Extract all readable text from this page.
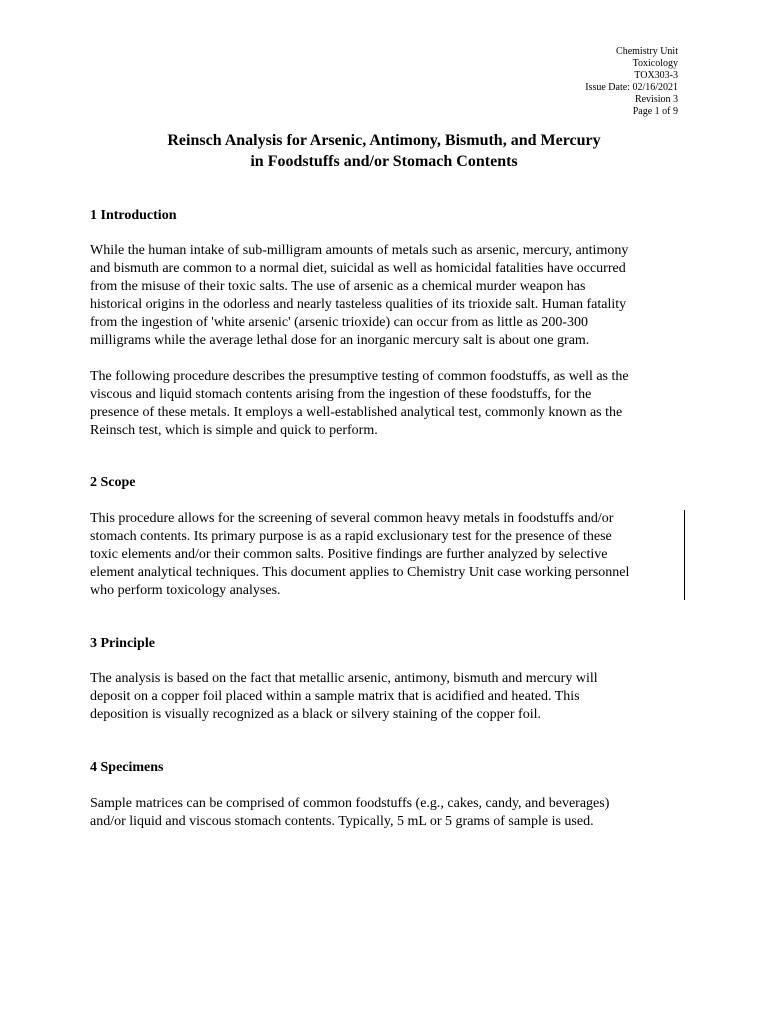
Chemistry Unit
Toxicology
TOX303-3
Issue Date: 02/16/2021
Revision 3
Page 1 of 9
Reinsch Analysis for Arsenic, Antimony, Bismuth, and Mercury
in Foodstuffs and/or Stomach Contents
1 Introduction
While the human intake of sub-milligram amounts of metals such as arsenic, mercury, antimony
and bismuth are common to a normal diet, suicidal as well as homicidal fatalities have occurred
from the misuse of their toxic salts. The use of arsenic as a chemical murder weapon has
historical origins in the odorless and nearly tasteless qualities of its trioxide salt. Human fatality
from the ingestion of 'white arsenic' (arsenic trioxide) can occur from as little as 200-300
milligrams while the average lethal dose for an inorganic mercury salt is about one gram.
The following procedure describes the presumptive testing of common foodstuffs, as well as the
viscous and liquid stomach contents arising from the ingestion of these foodstuffs, for the
presence of these metals. It employs a well-established analytical test, commonly known as the
Reinsch test, which is simple and quick to perform.
2 Scope
This procedure allows for the screening of several common heavy metals in foodstuffs and/or
stomach contents. Its primary purpose is as a rapid exclusionary test for the presence of these
toxic elements and/or their common salts. Positive findings are further analyzed by selective
element analytical techniques. This document applies to Chemistry Unit case working personnel
who perform toxicology analyses.
3 Principle
The analysis is based on the fact that metallic arsenic, antimony, bismuth and mercury will
deposit on a copper foil placed within a sample matrix that is acidified and heated. This
deposition is visually recognized as a black or silvery staining of the copper foil.
4 Specimens
Sample matrices can be comprised of common foodstuffs (e.g., cakes, candy, and beverages)
and/or liquid and viscous stomach contents. Typically, 5 mL or 5 grams of sample is used.
